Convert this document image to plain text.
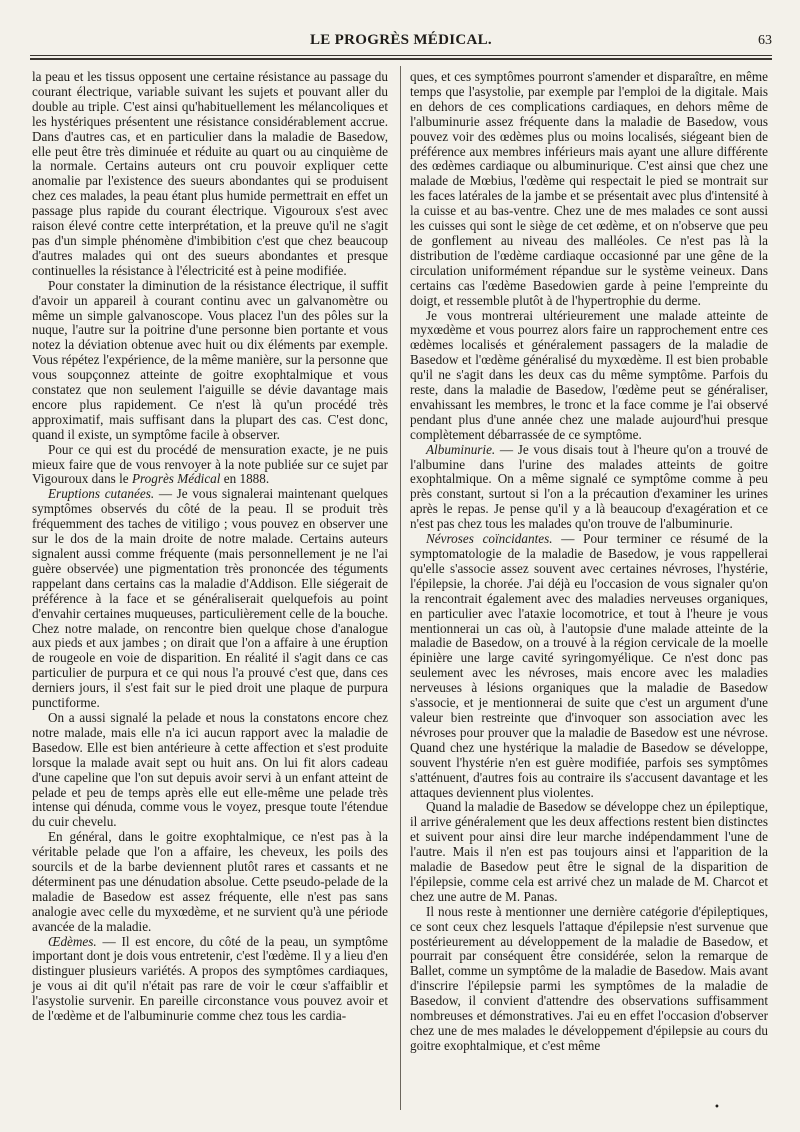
LE PROGRÈS MÉDICAL.	63

la peau et les tissus opposent une certaine résistance au passage du courant électrique, variable suivant les sujets et pouvant aller du double au triple. C'est ainsi qu'habituellement les mélancoliques et les hystériques présentent une résistance considérablement accrue. Dans d'autres cas, et en particulier dans la maladie de Basedow, elle peut être très diminuée et réduite au quart ou au cinquième de la normale. Certains auteurs ont cru pouvoir expliquer cette anomalie par l'existence des sueurs abondantes qui se produisent chez ces malades, la peau étant plus humide permettrait en effet un passage plus rapide du courant électrique. Vigouroux s'est avec raison élevé contre cette interprétation, et la preuve qu'il ne s'agit pas d'un simple phénomène d'imbibition c'est que chez beaucoup d'autres malades qui ont des sueurs abondantes et presque continuelles la résistance à l'électricité est à peine modifiée.

Pour constater la diminution de la résistance électrique, il suffit d'avoir un appareil à courant continu avec un galvanomètre ou même un simple galvanoscope. Vous placez l'un des pôles sur la nuque, l'autre sur la poitrine d'une personne bien portante et vous notez la déviation obtenue avec huit ou dix éléments par exemple. Vous répétez l'expérience, de la même manière, sur la personne que vous soupçonnez atteinte de goitre exophtalmique et vous constatez que non seulement l'aiguille se dévie davantage mais encore plus rapidement. Ce n'est là qu'un procédé très approximatif, mais suffisant dans la plupart des cas. C'est donc, quand il existe, un symptôme facile à observer.

Pour ce qui est du procédé de mensuration exacte, je ne puis mieux faire que de vous renvoyer à la note publiée sur ce sujet par Vigouroux dans le Progrès Médical en 1888.

Eruptions cutanées. — Je vous signalerai maintenant quelques symptômes observés du côté de la peau. Il se produit très fréquemment des taches de vitiligo ; vous pouvez en observer une sur le dos de la main droite de notre malade. Certains auteurs signalent aussi comme fréquente (mais personnellement je ne l'ai guère observée) une pigmentation très prononcée des téguments rappelant dans certains cas la maladie d'Addison. Elle siégerait de préférence à la face et se généraliserait quelquefois au point d'envahir certaines muqueuses, particulièrement celle de la bouche. Chez notre malade, on rencontre bien quelque chose d'analogue aux pieds et aux jambes ; on dirait que l'on a affaire à une éruption de rougeole en voie de disparition. En réalité il s'agit dans ce cas particulier de purpura et ce qui nous l'a prouvé c'est que, dans ces derniers jours, il s'est fait sur le pied droit une plaque de purpura punctiforme.

On a aussi signalé la pelade et nous la constatons encore chez notre malade, mais elle n'a ici aucun rapport avec la maladie de Basedow. Elle est bien antérieure à cette affection et s'est produite lorsque la malade avait sept ou huit ans. On lui fit alors cadeau d'une capeline que l'on sut depuis avoir servi à un enfant atteint de pelade et peu de temps après elle eut elle-même une pelade très intense qui dénuda, comme vous le voyez, presque toute l'étendue du cuir chevelu.

En général, dans le goitre exophtalmique, ce n'est pas à la véritable pelade que l'on a affaire, les cheveux, les poils des sourcils et de la barbe deviennent plutôt rares et cassants et ne déterminent pas une dénudation absolue. Cette pseudo-pelade de la maladie de Basedow est assez fréquente, elle n'est pas sans analogie avec celle du myxœdème, et ne survient qu'à une période avancée de la maladie.

Œdèmes. — Il est encore, du côté de la peau, un symptôme important dont je dois vous entretenir, c'est l'œdème. Il y a lieu d'en distinguer plusieurs variétés. A propos des symptômes cardiaques, je vous ai dit qu'il n'était pas rare de voir le cœur s'affaiblir et l'asystolie survenir. En pareille circonstance vous pouvez avoir et de l'œdème et de l'albuminurie comme chez tous les cardia-

ques, et ces symptômes pourront s'amender et disparaître, en même temps que l'asystolie, par exemple par l'emploi de la digitale. Mais en dehors de ces complications cardiaques, en dehors même de l'albuminurie assez fréquente dans la maladie de Basedow, vous pouvez voir des œdèmes plus ou moins localisés, siégeant bien de préférence aux membres inférieurs mais ayant une allure différente des œdèmes cardiaque ou albuminurique. C'est ainsi que chez une malade de Mœbius, l'œdème qui respectait le pied se montrait sur les faces latérales de la jambe et se présentait avec plus d'intensité à la cuisse et au bas-ventre. Chez une de mes malades ce sont aussi les cuisses qui sont le siège de cet œdème, et on n'observe que peu de gonflement au niveau des malléoles. Ce n'est pas là la distribution de l'œdème cardiaque occasionné par une gêne de la circulation uniformément répandue sur le système veineux. Dans certains cas l'œdème Basedowien garde à peine l'empreinte du doigt, et ressemble plutôt à de l'hypertrophie du derme.

Je vous montrerai ultérieurement une malade atteinte de myxœdème et vous pourrez alors faire un rapprochement entre ces œdèmes localisés et généralement passagers de la maladie de Basedow et l'œdème généralisé du myxœdème. Il est bien probable qu'il ne s'agit dans les deux cas du même symptôme. Parfois du reste, dans la maladie de Basedow, l'œdème peut se généraliser, envahissant les membres, le tronc et la face comme je l'ai observé pendant plus d'une année chez une malade aujourd'hui presque complètement débarrassée de ce symptôme.

Albuminurie. — Je vous disais tout à l'heure qu'on a trouvé de l'albumine dans l'urine des malades atteints de goitre exophtalmique. On a même signalé ce symptôme comme à peu près constant, surtout si l'on a la précaution d'examiner les urines après le repas. Je pense qu'il y a là beaucoup d'exagération et ce n'est pas chez tous les malades qu'on trouve de l'albuminurie.

Névroses coïncidantes. — Pour terminer ce résumé de la symptomatologie de la maladie de Basedow, je vous rappellerai qu'elle s'associe assez souvent avec certaines névroses, l'hystérie, l'épilepsie, la chorée. J'ai déjà eu l'occasion de vous signaler qu'on la rencontrait également avec des maladies nerveuses organiques, en particulier avec l'ataxie locomotrice, et tout à l'heure je vous mentionnerai un cas où, à l'autopsie d'une malade atteinte de la maladie de Basedow, on a trouvé à la région cervicale de la moelle épinière une large cavité syringomyélique. Ce n'est donc pas seulement avec les névroses, mais encore avec les maladies nerveuses à lésions organiques que la maladie de Basedow s'associe, et je mentionnerai de suite que c'est un argument d'une valeur bien restreinte que d'invoquer son association avec les névroses pour prouver que la maladie de Basedow est une névrose. Quand chez une hystérique la maladie de Basedow se développe, souvent l'hystérie n'en est guère modifiée, parfois ses symptômes s'atténuent, d'autres fois au contraire ils s'accusent davantage et les attaques deviennent plus violentes.

Quand la maladie de Basedow se développe chez un épileptique, il arrive généralement que les deux affections restent bien distinctes et suivent pour ainsi dire leur marche indépendamment l'une de l'autre. Mais il n'en est pas toujours ainsi et l'apparition de la maladie de Basedow peut être le signal de la disparition de l'épilepsie, comme cela est arrivé chez un malade de M. Charcot et chez une autre de M. Panas.

Il nous reste à mentionner une dernière catégorie d'épileptiques, ce sont ceux chez lesquels l'attaque d'épilepsie n'est survenue que postérieurement au développement de la maladie de Basedow, et pourrait par conséquent être considérée, selon la remarque de Ballet, comme un symptôme de la maladie de Basedow. Mais avant d'inscrire l'épilepsie parmi les symptômes de la maladie de Basedow, il convient d'attendre des observations suffisamment nombreuses et démonstratives. J'ai eu en effet l'occasion d'observer chez une de mes malades le développement d'épilepsie au cours du goitre exophtalmique, et c'est même

•
